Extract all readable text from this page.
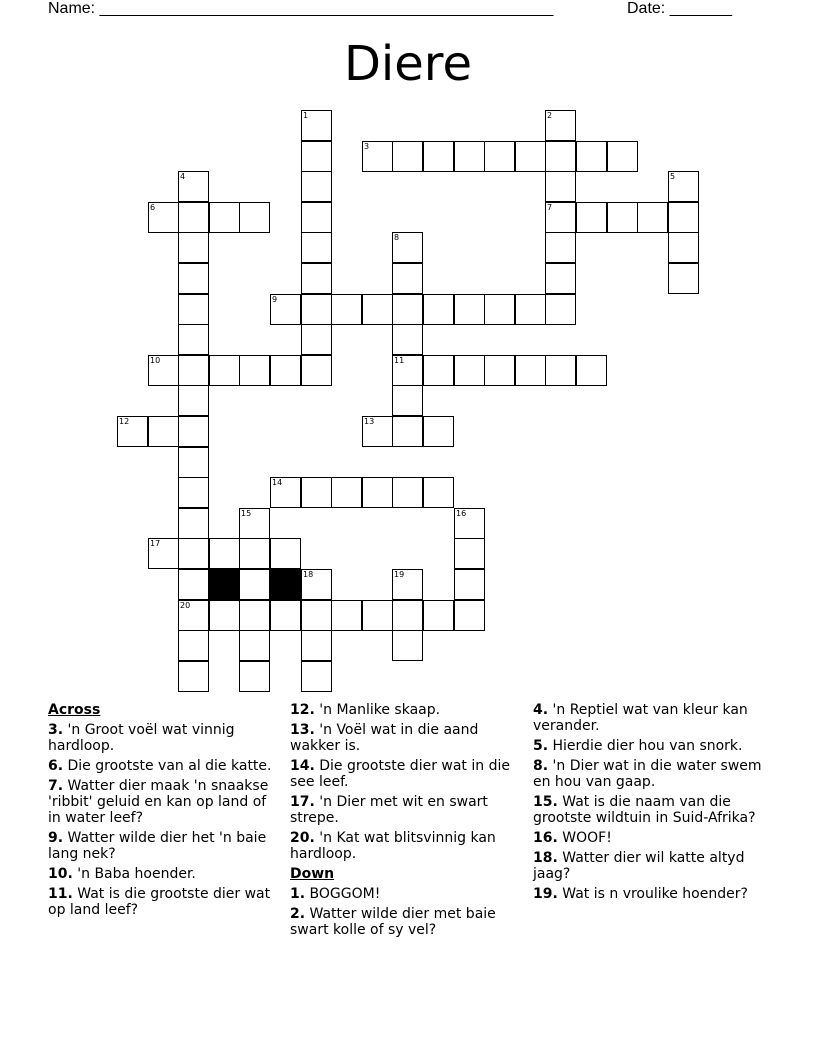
Name: ___________________________________________________	Date: _______
Diere
1	2
3
4	5
6	7
8
9
10	11
12	13
14
15	16
17
18	19
20
Across
3. 'n Groot voël wat vinnig hardloop.
6. Die grootste van al die katte.
7. Watter dier maak 'n snaakse 'ribbit' geluid en kan op land of in water leef?
9. Watter wilde dier het 'n baie lang nek?
10. 'n Baba hoender.
11. Wat is die grootste dier wat op land leef?
12. 'n Manlike skaap.
13. 'n Voël wat in die aand wakker is.
14. Die grootste dier wat in die see leef.
17. 'n Dier met wit en swart strepe.
20. 'n Kat wat blitsvinnig kan hardloop.
Down
1. BOGGOM!
2. Watter wilde dier met baie swart kolle of sy vel?
4. 'n Reptiel wat van kleur kan verander.
5. Hierdie dier hou van snork.
8. 'n Dier wat in die water swem en hou van gaap.
15. Wat is die naam van die grootste wildtuin in Suid-Afrika?
16. WOOF!
18. Watter dier wil katte altyd jaag?
19. Wat is n vroulike hoender?
